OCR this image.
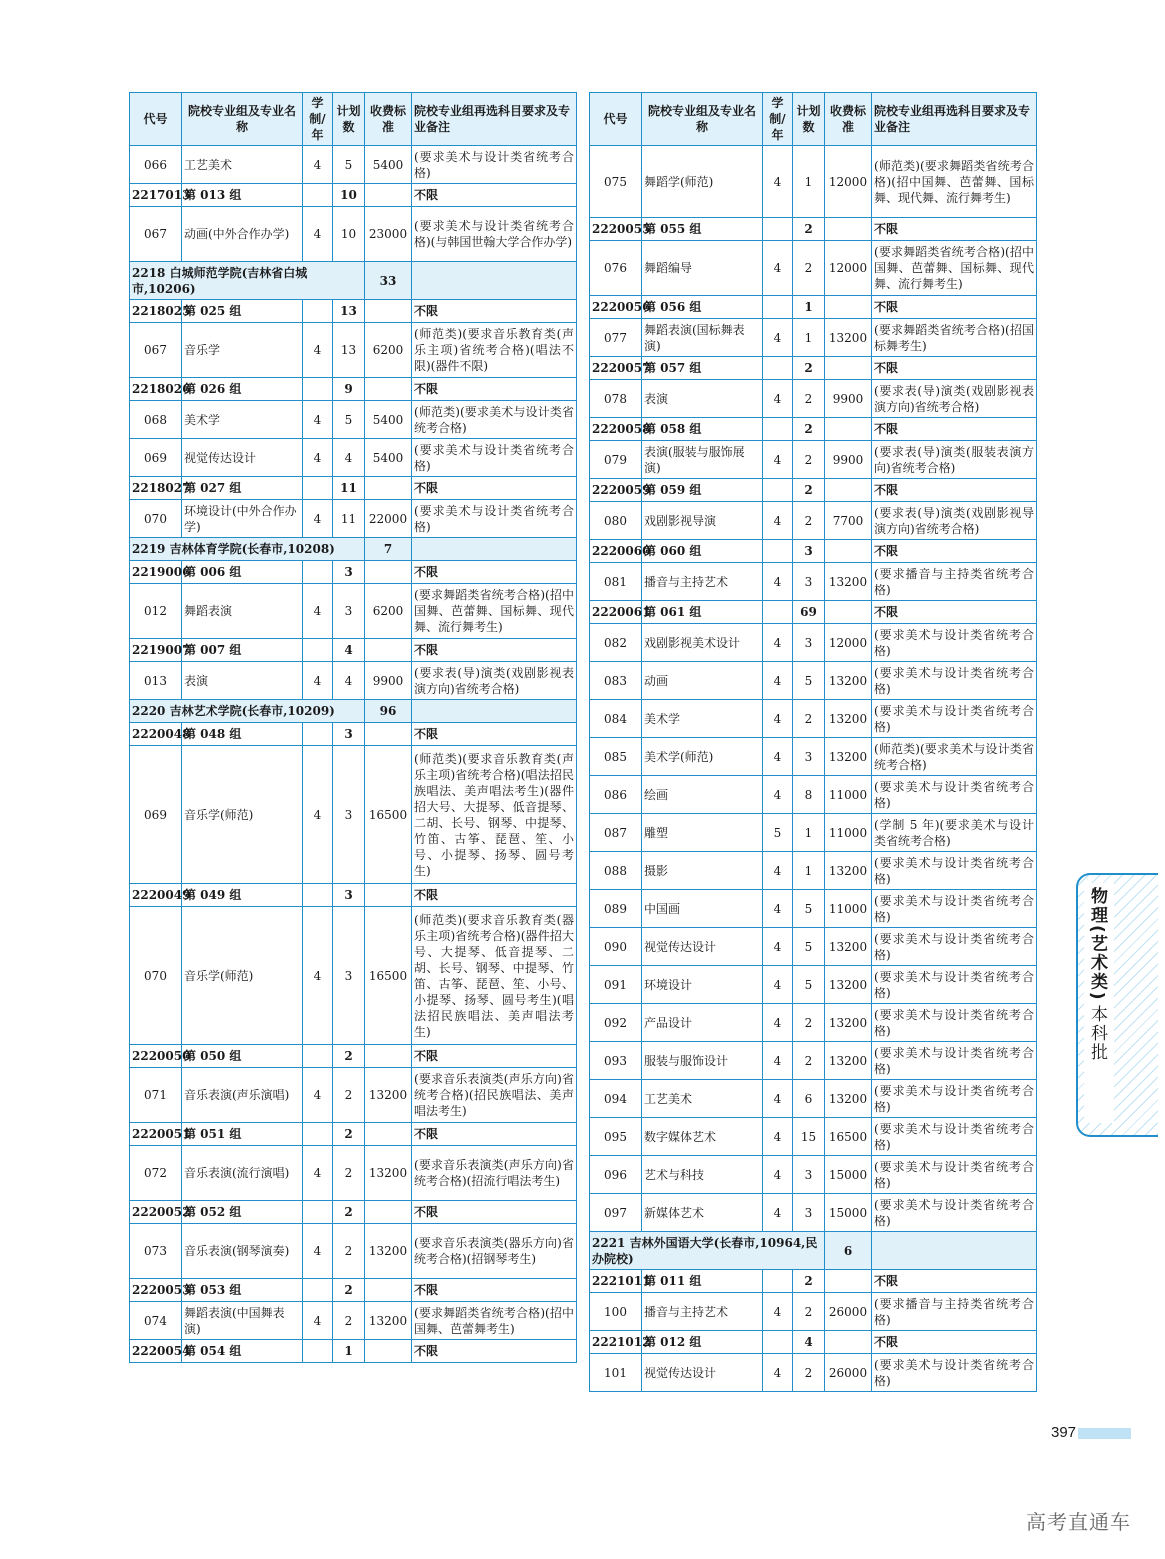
代号	院校专业组及专业名称	学制/年	计划数	收费标准	院校专业组再选科目要求及专业备注
066	工艺美术	4	5	5400	(要求美术与设计类省统考合格)
2217013	第 013 组		10		不限
067	动画(中外合作办学)	4	10	23000	(要求美术与设计类省统考合格)(与韩国世翰大学合作办学)
2218 白城师范学院(吉林省白城市,10206)				33	
2218025	第 025 组		13		不限
067	音乐学	4	13	6200	(师范类)(要求音乐教育类(声乐主项)省统考合格)(唱法不限)(器件不限)
2218026	第 026 组		9		不限
068	美术学	4	5	5400	(师范类)(要求美术与设计类省统考合格)
069	视觉传达设计	4	4	5400	(要求美术与设计类省统考合格)
2218027	第 027 组		11		不限
070	环境设计(中外合作办学)	4	11	22000	(要求美术与设计类省统考合格)
2219 吉林体育学院(长春市,10208)				7	
2219006	第 006 组		3		不限
012	舞蹈表演	4	3	6200	(要求舞蹈类省统考合格)(招中国舞、芭蕾舞、国标舞、现代舞、流行舞考生)
2219007	第 007 组		4		不限
013	表演	4	4	9900	(要求表(导)演类(戏剧影视表演方向)省统考合格)
2220 吉林艺术学院(长春市,10209)				96	
2220048	第 048 组		3		不限
069	音乐学(师范)	4	3	16500	(师范类)(要求音乐教育类(声乐主项)省统考合格)(唱法招民族唱法、美声唱法考生)(器件招大号、大提琴、低音提琴、二胡、长号、钢琴、中提琴、竹笛、古筝、琵琶、笙、小号、小提琴、扬琴、圆号考生)
2220049	第 049 组		3		不限
070	音乐学(师范)	4	3	16500	(师范类)(要求音乐教育类(器乐主项)省统考合格)(器件招大号、大提琴、低音提琴、二胡、长号、钢琴、中提琴、竹笛、古筝、琵琶、笙、小号、小提琴、扬琴、圆号考生)(唱法招民族唱法、美声唱法考生)
2220050	第 050 组		2		不限
071	音乐表演(声乐演唱)	4	2	13200	(要求音乐表演类(声乐方向)省统考合格)(招民族唱法、美声唱法考生)
2220051	第 051 组		2		不限
072	音乐表演(流行演唱)	4	2	13200	(要求音乐表演类(声乐方向)省统考合格)(招流行唱法考生)
2220052	第 052 组		2		不限
073	音乐表演(钢琴演奏)	4	2	13200	(要求音乐表演类(器乐方向)省统考合格)(招钢琴考生)
2220053	第 053 组		2		不限
074	舞蹈表演(中国舞表演)	4	2	13200	(要求舞蹈类省统考合格)(招中国舞、芭蕾舞考生)
2220054	第 054 组		1		不限
代号	院校专业组及专业名称	学制/年	计划数	收费标准	院校专业组再选科目要求及专业备注
075	舞蹈学(师范)	4	1	12000	(师范类)(要求舞蹈类省统考合格)(招中国舞、芭蕾舞、国标舞、现代舞、流行舞考生)
2220055	第 055 组		2		不限
076	舞蹈编导	4	2	12000	(要求舞蹈类省统考合格)(招中国舞、芭蕾舞、国标舞、现代舞、流行舞考生)
2220056	第 056 组		1		不限
077	舞蹈表演(国标舞表演)	4	1	13200	(要求舞蹈类省统考合格)(招国标舞考生)
2220057	第 057 组		2		不限
078	表演	4	2	9900	(要求表(导)演类(戏剧影视表演方向)省统考合格)
2220058	第 058 组		2		不限
079	表演(服装与服饰展演)	4	2	9900	(要求表(导)演类(服装表演方向)省统考合格)
2220059	第 059 组		2		不限
080	戏剧影视导演	4	2	7700	(要求表(导)演类(戏剧影视导演方向)省统考合格)
2220060	第 060 组		3		不限
081	播音与主持艺术	4	3	13200	(要求播音与主持类省统考合格)
2220061	第 061 组		69		不限
082	戏剧影视美术设计	4	3	12000	(要求美术与设计类省统考合格)
083	动画	4	5	13200	(要求美术与设计类省统考合格)
084	美术学	4	2	13200	(要求美术与设计类省统考合格)
085	美术学(师范)	4	3	13200	(师范类)(要求美术与设计类省统考合格)
086	绘画	4	8	11000	(要求美术与设计类省统考合格)
087	雕塑	5	1	11000	(学制 5 年)(要求美术与设计类省统考合格)
088	摄影	4	1	13200	(要求美术与设计类省统考合格)
089	中国画	4	5	11000	(要求美术与设计类省统考合格)
090	视觉传达设计	4	5	13200	(要求美术与设计类省统考合格)
091	环境设计	4	5	13200	(要求美术与设计类省统考合格)
092	产品设计	4	2	13200	(要求美术与设计类省统考合格)
093	服装与服饰设计	4	2	13200	(要求美术与设计类省统考合格)
094	工艺美术	4	6	13200	(要求美术与设计类省统考合格)
095	数字媒体艺术	4	15	16500	(要求美术与设计类省统考合格)
096	艺术与科技	4	3	15000	(要求美术与设计类省统考合格)
097	新媒体艺术	4	3	15000	(要求美术与设计类省统考合格)
2221 吉林外国语大学(长春市,10964,民办院校)				6	
2221011	第 011 组		2		不限
100	播音与主持艺术	4	2	26000	(要求播音与主持类省统考合格)
2221012	第 012 组		4		不限
101	视觉传达设计	4	2	26000	(要求美术与设计类省统考合格)
物理(艺术类)
本科批
397
高考直通车
